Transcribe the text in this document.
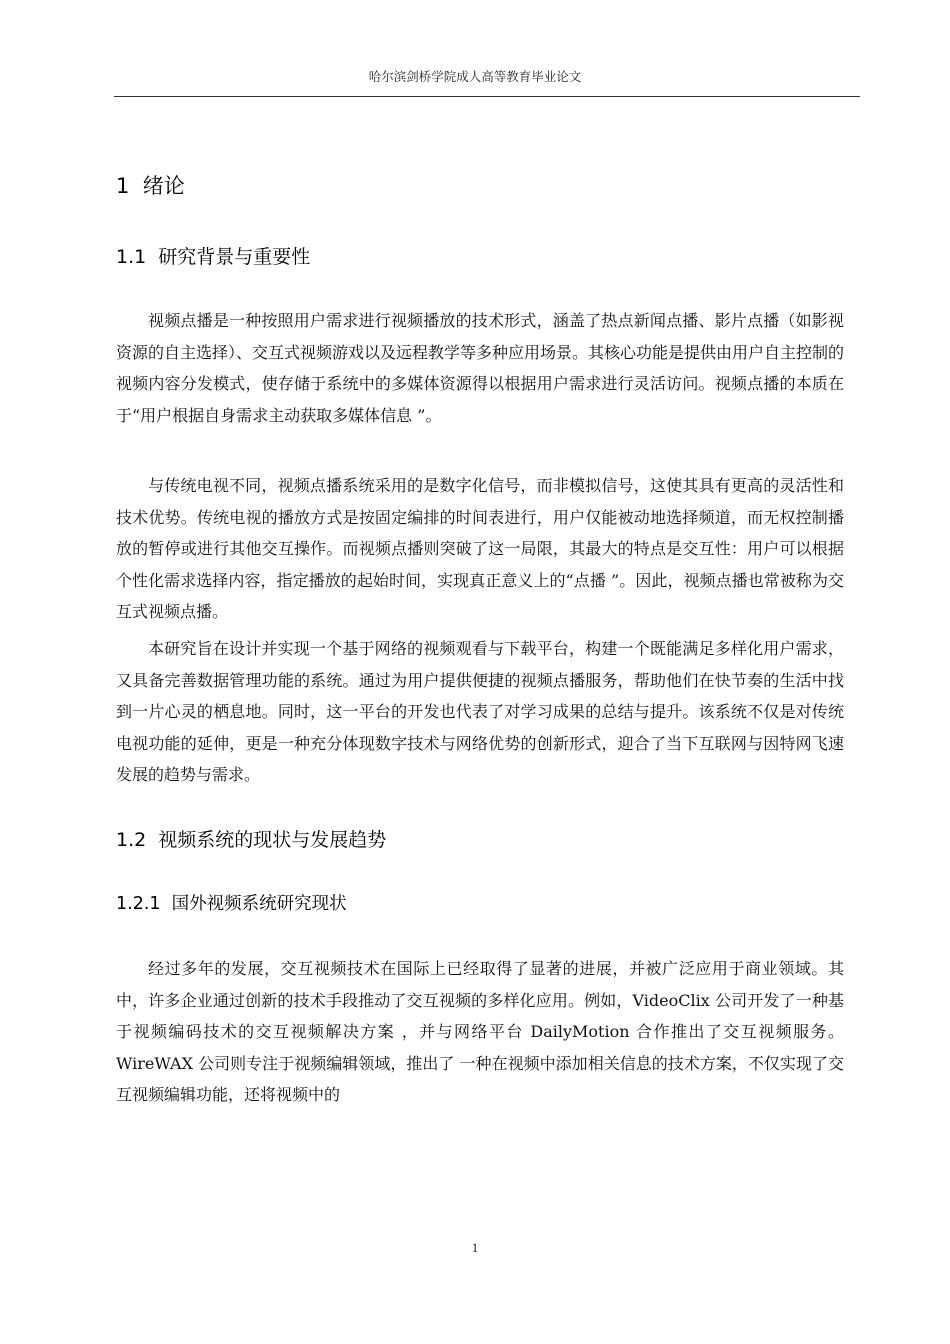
哈尔滨剑桥学院成人高等教育毕业论文
1  绪论
1.1  研究背景与重要性

视频点播是一种按照用户需求进行视频播放的技术形式，涵盖了热点新闻点播、影片点播（如影视资源的自主选择）、交互式视频游戏以及远程教学等多种应用场景。其核心功能是提供由用户自主控制的视频内容分发模式，使存储于系统中的多媒体资源得以根据用户需求进行灵活访问。视频点播的本质在于“用户根据自身需求主动获取多媒体信息 ”。

与传统电视不同，视频点播系统采用的是数字化信号，而非模拟信号，这使其具有更高的灵活性和技术优势。传统电视的播放方式是按固定编排的时间表进行，用户仅能被动地选择频道，而无权控制播放的暂停或进行其他交互操作。而视频点播则突破了这一局限，其最大的特点是交互性：用户可以根据个性化需求选择内容，指定播放的起始时间，实现真正意义上的“点播 ”。因此，视频点播也常被称为交互式视频点播。

本研究旨在设计并实现一个基于网络的视频观看与下载平台，构建一个既能满足多样化用户需求，又具备完善数据管理功能的系统。通过为用户提供便捷的视频点播服务，帮助他们在快节奏的生活中找到一片心灵的栖息地。同时，这一平台的开发也代表了对学习成果的总结与提升。该系统不仅是对传统电视功能的延伸，更是一种充分体现数字技术与网络优势的创新形式，迎合了当下互联网与因特网飞速发展的趋势与需求。

1.2  视频系统的现状与发展趋势
1.2.1  国外视频系统研究现状

经过多年的发展，交互视频技术在国际上已经取得了显著的进展，并被广泛应用于商业领域。其中，许多企业通过创新的技术手段推动了交互视频的多样化应用。例如，VideoClix 公司开发了一种基于视频编码技术的交互视频解决方案 ，并与网络平台 DailyMotion 合作推出了交互视频服务。WireWAX 公司则专注于视频编辑领域，推出了 一种在视频中添加相关信息的技术方案，不仅实现了交互视频编辑功能，还将视频中的

1
